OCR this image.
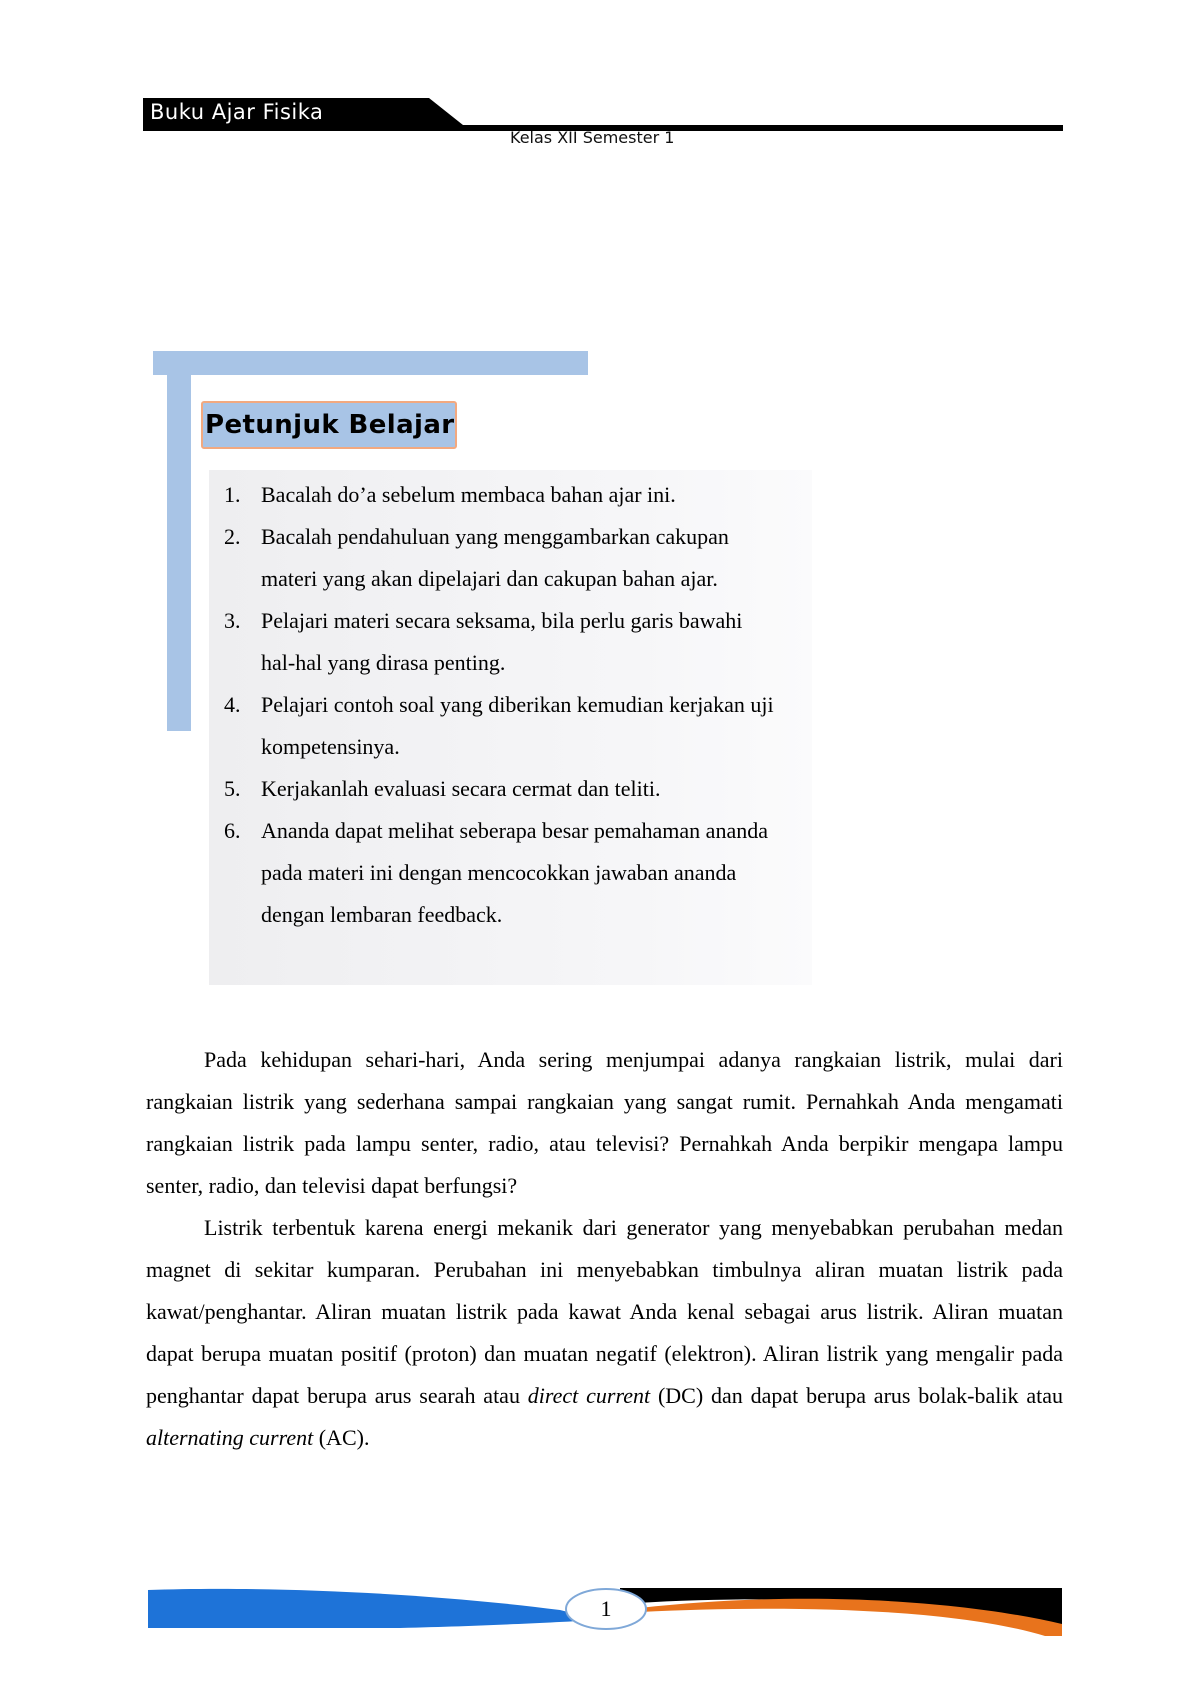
Buku Ajar Fisika
Kelas XII Semester 1
Petunjuk Belajar
1. Bacalah do’a sebelum membaca bahan ajar ini.
2. Bacalah pendahuluan yang menggambarkan cakupan materi yang akan dipelajari dan cakupan bahan ajar.
3. Pelajari materi secara seksama, bila perlu garis bawahi hal-hal yang dirasa penting.
4. Pelajari contoh soal yang diberikan kemudian kerjakan uji kompetensinya.
5. Kerjakanlah evaluasi secara cermat dan teliti.
6. Ananda dapat melihat seberapa besar pemahaman ananda pada materi ini dengan mencocokkan jawaban ananda dengan lembaran feedback.

Pada kehidupan sehari-hari, Anda sering menjumpai adanya rangkaian listrik, mulai dari rangkaian listrik yang sederhana sampai rangkaian yang sangat rumit. Pernahkah Anda mengamati rangkaian listrik pada lampu senter, radio, atau televisi? Pernahkah Anda berpikir mengapa lampu senter, radio, dan televisi dapat berfungsi?

Listrik terbentuk karena energi mekanik dari generator yang menyebabkan perubahan medan magnet di sekitar kumparan. Perubahan ini menyebabkan timbulnya aliran muatan listrik pada kawat/penghantar. Aliran muatan listrik pada kawat Anda kenal sebagai arus listrik. Aliran muatan dapat berupa muatan positif (proton) dan muatan negatif (elektron). Aliran listrik yang mengalir pada penghantar dapat berupa arus searah atau direct current (DC) dan dapat berupa arus bolak-balik atau alternating current (AC).

1
